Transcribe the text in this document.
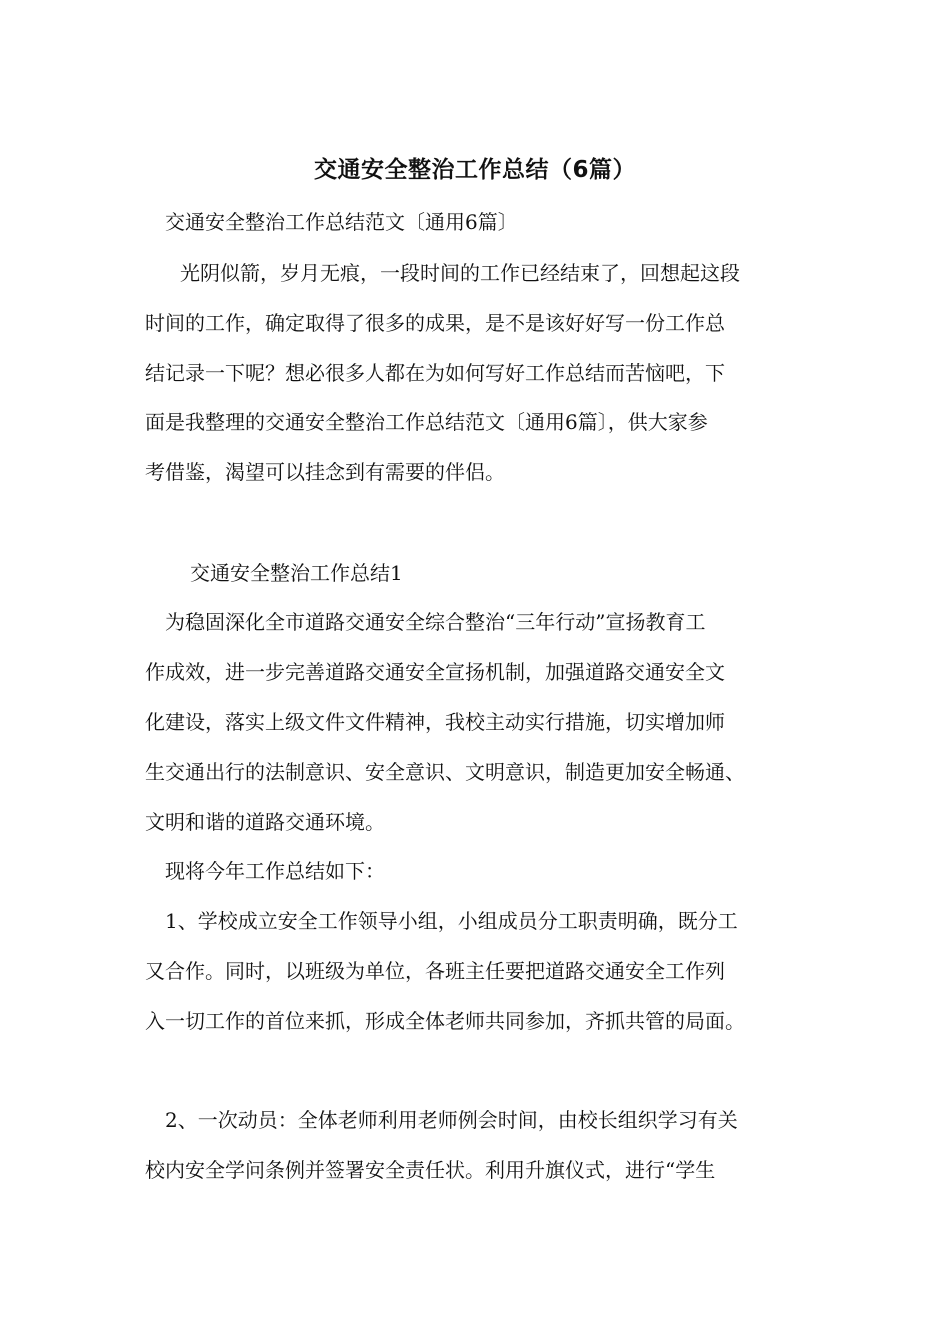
交通安全整治工作总结（6篇）

交通安全整治工作总结范文〔通用6篇〕

光阴似箭，岁月无痕，一段时间的工作已经结束了，回想起这段

时间的工作，确定取得了很多的成果，是不是该好好写一份工作总

结记录一下呢？想必很多人都在为如何写好工作总结而苦恼吧，下

面是我整理的交通安全整治工作总结范文〔通用6篇〕，供大家参

考借鉴，渴望可以挂念到有需要的伴侣。

交通安全整治工作总结1

为稳固深化全市道路交通安全综合整治“三年行动”宣扬教育工

作成效，进一步完善道路交通安全宣扬机制，加强道路交通安全文

化建设，落实上级文件文件精神，我校主动实行措施，切实增加师

生交通出行的法制意识、安全意识、文明意识，制造更加安全畅通、

文明和谐的道路交通环境。

现将今年工作总结如下：

1、学校成立安全工作领导小组，小组成员分工职责明确，既分工

又合作。同时，以班级为单位，各班主任要把道路交通安全工作列

入一切工作的首位来抓，形成全体老师共同参加，齐抓共管的局面。

2、一次动员：全体老师利用老师例会时间，由校长组织学习有关

校内安全学问条例并签署安全责任状。利用升旗仪式，进行“学生
